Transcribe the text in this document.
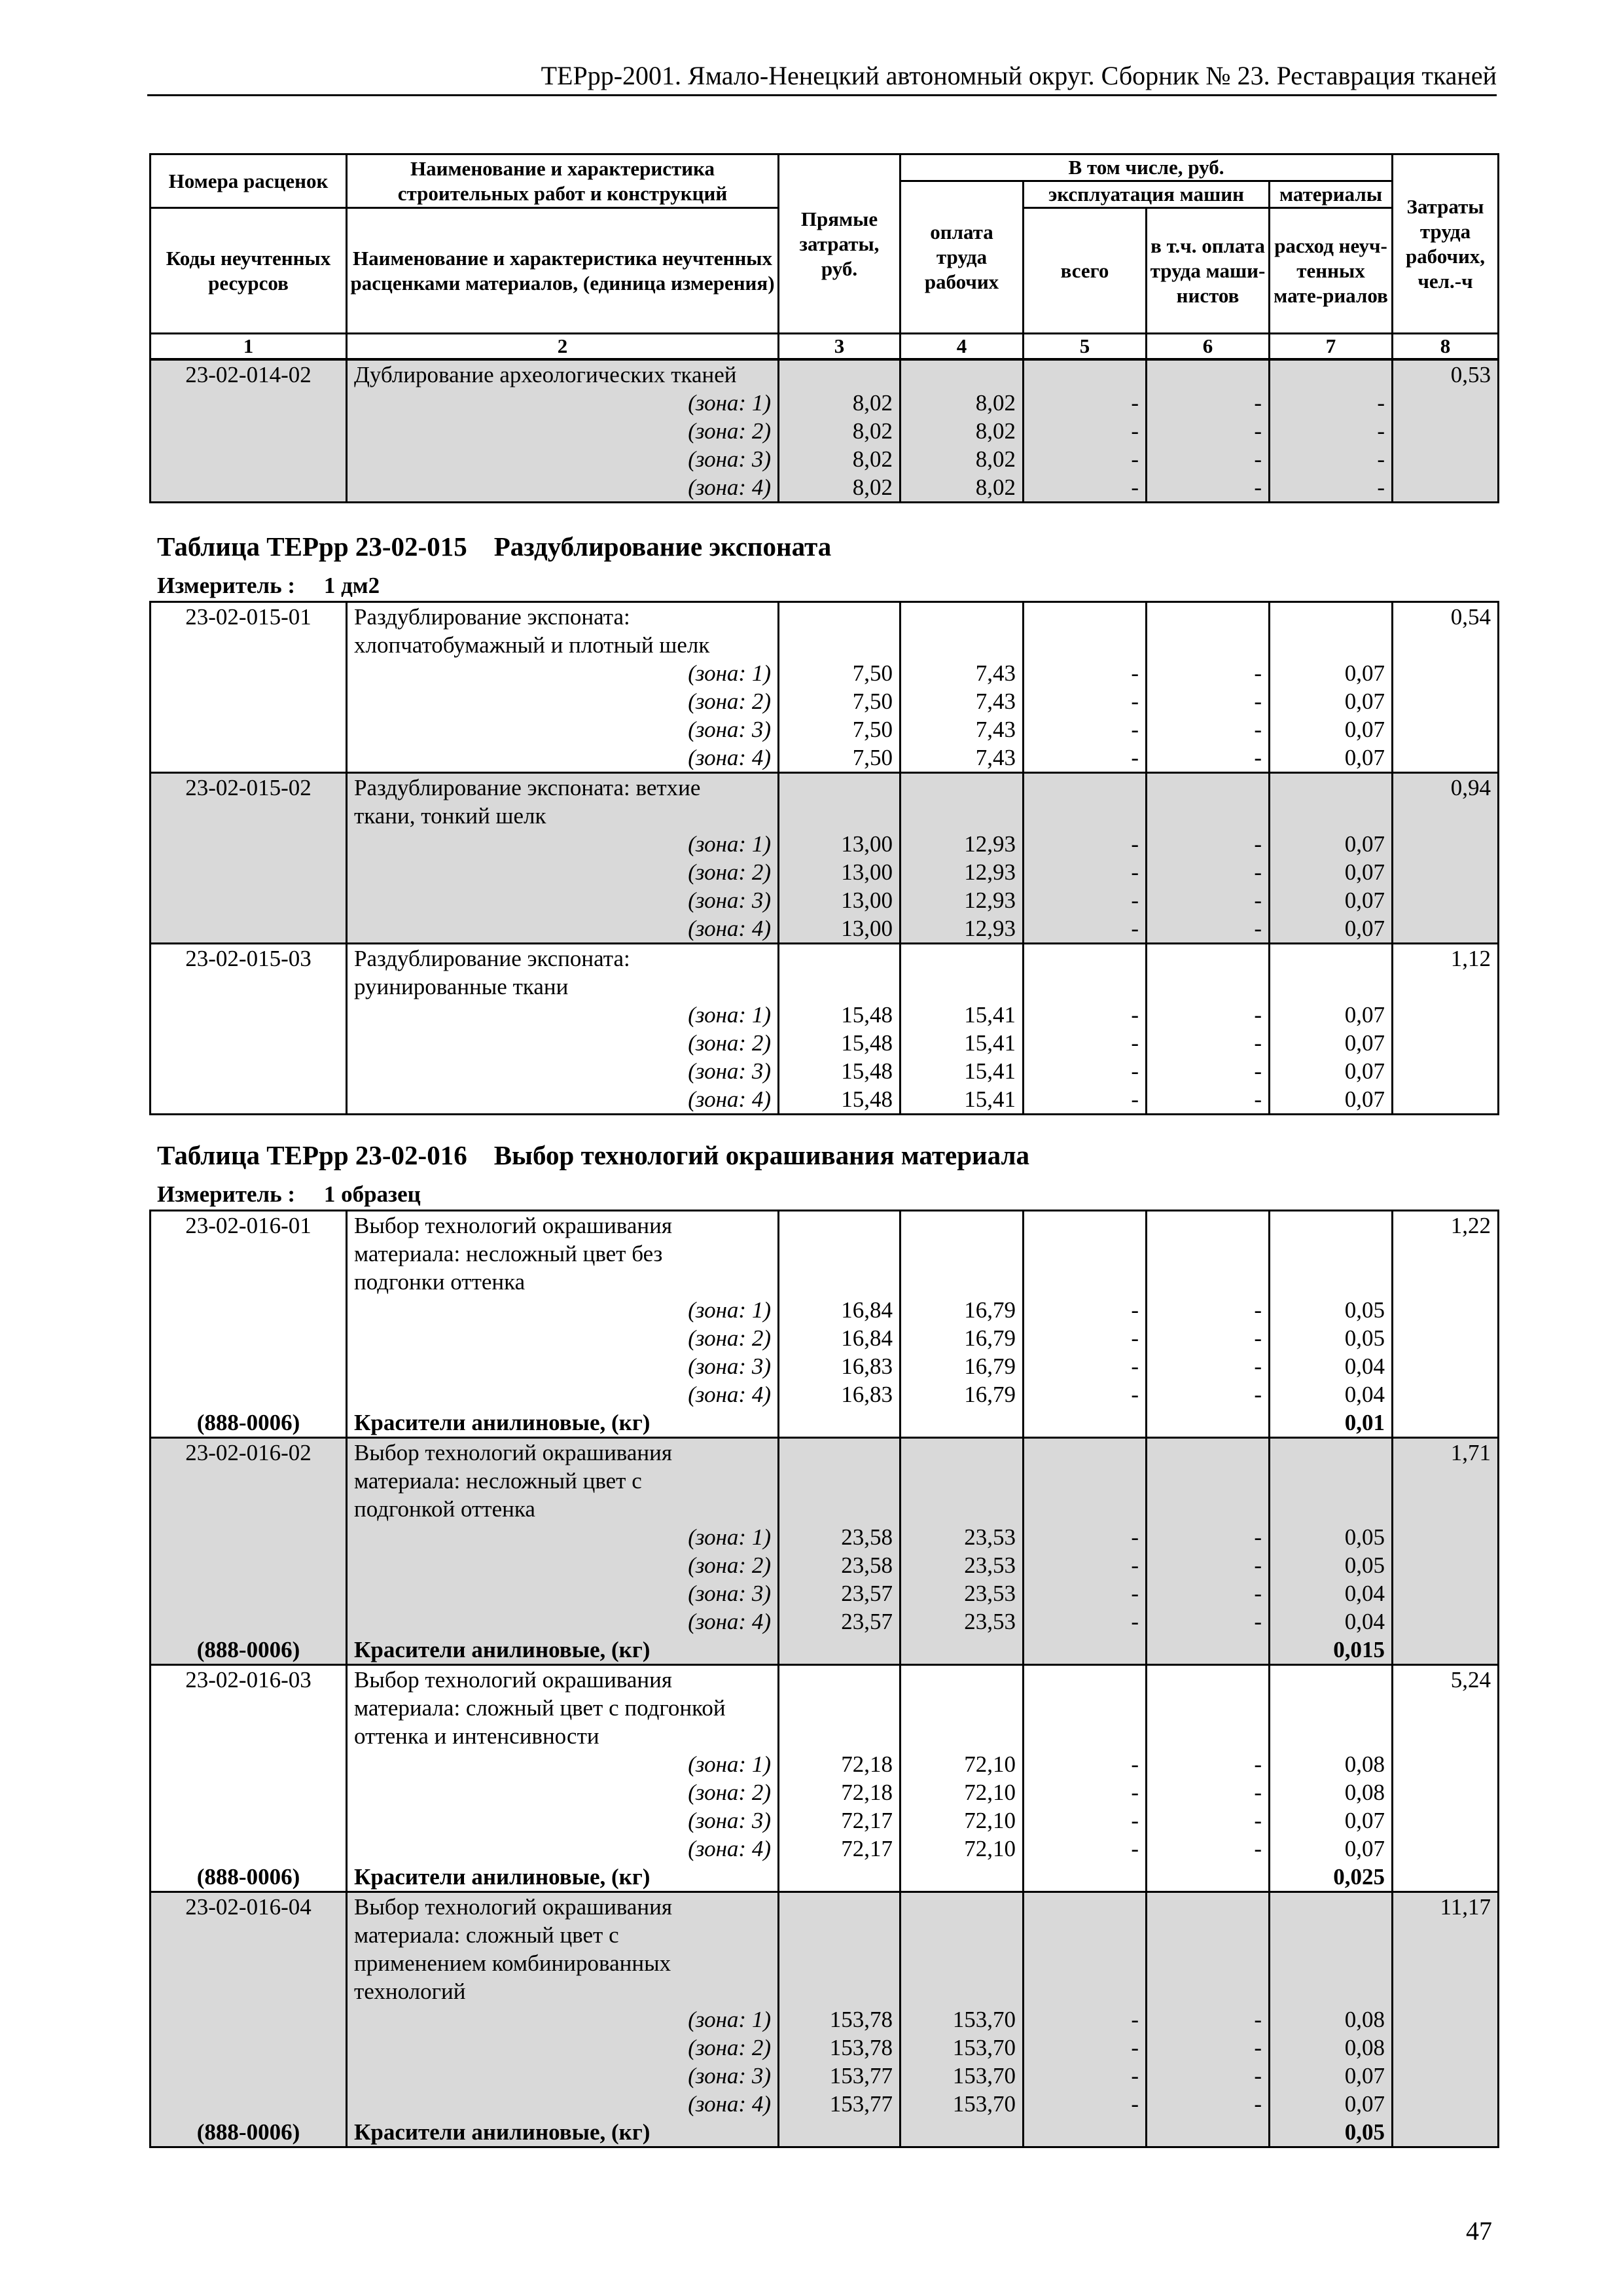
ТЕРрр-2001. Ямало-Ненецкий автономный округ. Сборник № 23. Реставрация тканей
Номера расценок	Наименование и характеристика строительных работ и конструкций	Прямые затраты, руб.	В том числе, руб.				Затраты труда рабочих, чел.-ч
			оплата труда рабочих	эксплуатация машин		материалы	
Коды неучтенных ресурсов	Наименование и характеристика неучтенных расценками материалов, (единица измерения)			всего	в т.ч. оплата труда маши-нистов	расход неуч-тенных мате-риалов	

1	2	3	4	5	6	7	8
23-02-014-02	Дублирование археологических тканей						0,53
	(зона: 1)	8,02	8,02	-	-	-	
	(зона: 2)	8,02	8,02	-	-	-	
	(зона: 3)	8,02	8,02	-	-	-	
	(зона: 4)	8,02	8,02	-	-	-	
Таблица ТЕРрр 23-02-015    Раздублирование экспоната
Измеритель :     1 дм2
23-02-015-01	Раздублирование экспоната:						0,54
	хлопчатобумажный и плотный шелк						
	(зона: 1)	7,50	7,43	-	-	0,07	
	(зона: 2)	7,50	7,43	-	-	0,07	
	(зона: 3)	7,50	7,43	-	-	0,07	
	(зона: 4)	7,50	7,43	-	-	0,07	
23-02-015-02	Раздублирование экспоната: ветхие						0,94
	ткани, тонкий шелк						
	(зона: 1)	13,00	12,93	-	-	0,07	
	(зона: 2)	13,00	12,93	-	-	0,07	
	(зона: 3)	13,00	12,93	-	-	0,07	
	(зона: 4)	13,00	12,93	-	-	0,07	
23-02-015-03	Раздублирование экспоната:						1,12
	руинированные ткани						
	(зона: 1)	15,48	15,41	-	-	0,07	
	(зона: 2)	15,48	15,41	-	-	0,07	
	(зона: 3)	15,48	15,41	-	-	0,07	
	(зона: 4)	15,48	15,41	-	-	0,07	
Таблица ТЕРрр 23-02-016    Выбор технологий окрашивания материала
Измеритель :     1 образец
23-02-016-01	Выбор технологий окрашивания						1,22
	материала: несложный цвет без						
	подгонки оттенка						
	(зона: 1)	16,84	16,79	-	-	0,05	
	(зона: 2)	16,84	16,79	-	-	0,05	
	(зона: 3)	16,83	16,79	-	-	0,04	
	(зона: 4)	16,83	16,79	-	-	0,04	
(888-0006)	Красители анилиновые, (кг)					0,01	
23-02-016-02	Выбор технологий окрашивания						1,71
	материала: несложный цвет с						
	подгонкой оттенка						
	(зона: 1)	23,58	23,53	-	-	0,05	
	(зона: 2)	23,58	23,53	-	-	0,05	
	(зона: 3)	23,57	23,53	-	-	0,04	
	(зона: 4)	23,57	23,53	-	-	0,04	
(888-0006)	Красители анилиновые, (кг)					0,015	
23-02-016-03	Выбор технологий окрашивания						5,24
	материала: сложный цвет с подгонкой						
	оттенка и интенсивности						
	(зона: 1)	72,18	72,10	-	-	0,08	
	(зона: 2)	72,18	72,10	-	-	0,08	
	(зона: 3)	72,17	72,10	-	-	0,07	
	(зона: 4)	72,17	72,10	-	-	0,07	
(888-0006)	Красители анилиновые, (кг)					0,025	
23-02-016-04	Выбор технологий окрашивания						11,17
	материала: сложный цвет с						
	применением комбинированных						
	технологий						
	(зона: 1)	153,78	153,70	-	-	0,08	
	(зона: 2)	153,78	153,70	-	-	0,08	
	(зона: 3)	153,77	153,70	-	-	0,07	
	(зона: 4)	153,77	153,70	-	-	0,07	
(888-0006)	Красители анилиновые, (кг)					0,05	
47
